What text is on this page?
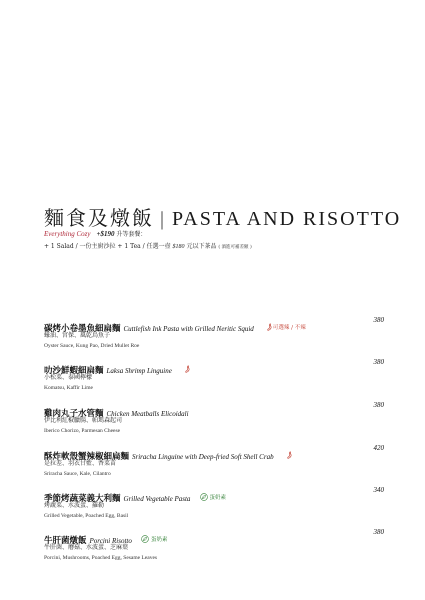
麵食及燉飯 | PASTA AND RISOTTO
Everything Cozy +$190 升等套餐：
+ 1 Salad / 一份主廚沙拉 + 1 Tea / 任選一壺 $180 元以下茶品 ( 酒進可補差額 )
碳烤小卷墨魚細扁麵 Cuttlefish Ink Pasta with Grilled Neritic Squid	可選辣 / 不辣
380
蠔油、宮保、風乾烏魚子
Oyster Sauce, Kung Pao, Dried Mullet Roe
叻沙鮮蝦細扁麵 Laksa Shrimp Linguine
380
小松菜、泰國檸檬
Komatsu, Kaffir Lime
雞肉丸子水管麵 Chicken Meatballs Elicoidali
380
伊比利紅椒臘腸、帕瑪森起司
Iberico Chorizo, Parmesan Cheese
酥炸軟殼蟹辣椒細扁麵 Sriracha Linguine with Deep-fried Soft Shell Crab
420
是拉差、羽衣甘藍、香菜苗
Sriracha Sauce, Kale, Cilantro
季節烤蔬菜義大利麵 Grilled Vegetable Pasta	蛋奶素
340
烤蔬菜、水波蛋、羅勒
Grilled Vegetable, Poached Egg, Basil
牛肝菌燉飯 Porcini Risotto	蛋奶素
380
牛肝菌、蘑菇、水波蛋、芝麻葉
Porcini, Mushrooms, Poached Egg, Sesame Leaves
